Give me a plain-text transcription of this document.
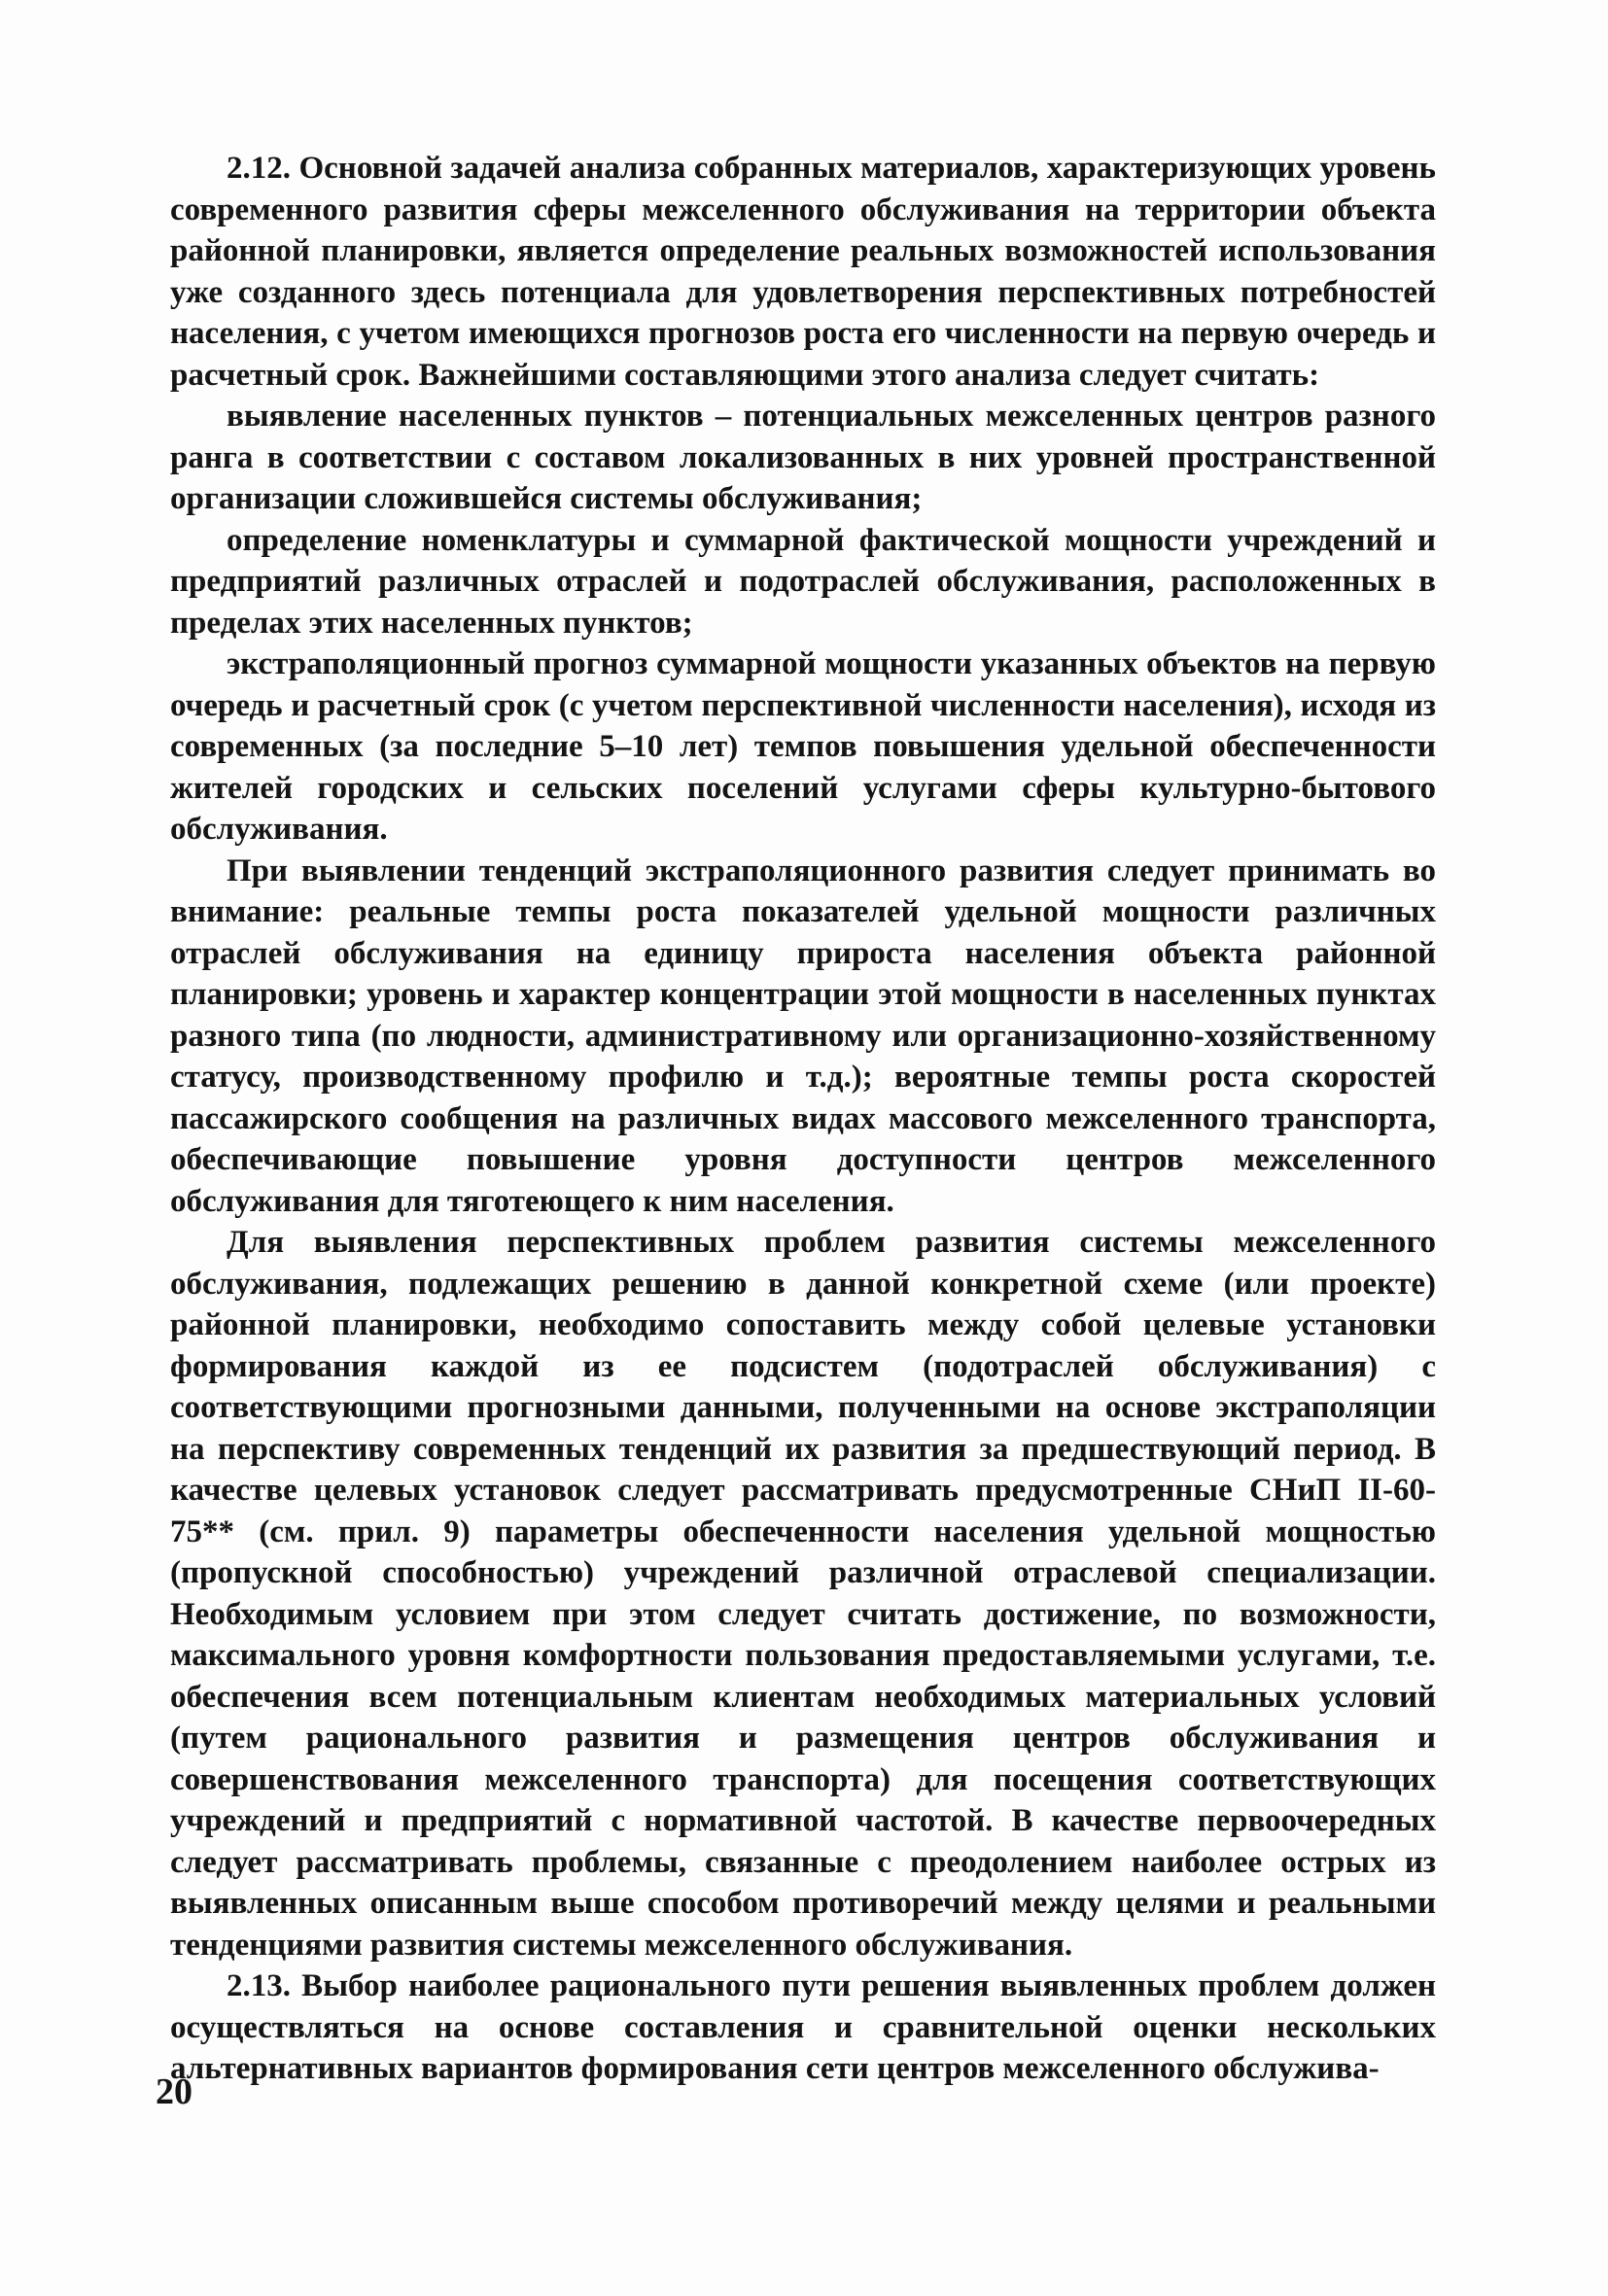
2.12. Основной задачей анализа собранных материалов, характеризующих уровень современного развития сферы межселенного обслуживания на территории объекта районной планировки, является определение реальных возможностей использования уже созданного здесь потенциала для удовлетворения перспективных потребностей населения, с учетом имеющихся прогнозов роста его численности на первую очередь и расчетный срок. Важнейшими составляющими этого анализа следует считать:

выявление населенных пунктов – потенциальных межселенных центров разного ранга в соответствии с составом локализованных в них уровней пространственной организации сложившейся системы обслуживания;

определение номенклатуры и суммарной фактической мощности учреждений и предприятий различных отраслей и подотраслей обслуживания, расположенных в пределах этих населенных пунктов;

экстраполяционный прогноз суммарной мощности указанных объектов на первую очередь и расчетный срок (с учетом перспективной численности населения), исходя из современных (за последние 5–10 лет) темпов повышения удельной обеспеченности жителей городских и сельских поселений услугами сферы культурно-бытового обслуживания.

При выявлении тенденций экстраполяционного развития следует принимать во внимание: реальные темпы роста показателей удельной мощности различных отраслей обслуживания на единицу прироста населения объекта районной планировки; уровень и характер концентрации этой мощности в населенных пунктах разного типа (по людности, административному или организационно-хозяйственному статусу, производственному профилю и т.д.); вероятные темпы роста скоростей пассажирского сообщения на различных видах массового межселенного транспорта, обеспечивающие повышение уровня доступности центров межселенного обслуживания для тяготеющего к ним населения.

Для выявления перспективных проблем развития системы межселенного обслуживания, подлежащих решению в данной конкретной схеме (или проекте) районной планировки, необходимо сопоставить между собой целевые установки формирования каждой из ее подсистем (подотраслей обслуживания) с соответствующими прогнозными данными, полученными на основе экстраполяции на перспективу современных тенденций их развития за предшествующий период. В качестве целевых установок следует рассматривать предусмотренные СНиП II-60-75** (см. прил. 9) параметры обеспеченности населения удельной мощностью (пропускной способностью) учреждений различной отраслевой специализации. Необходимым условием при этом следует считать достижение, по возможности, максимального уровня комфортности пользования предоставляемыми услугами, т.е. обеспечения всем потенциальным клиентам необходимых материальных условий (путем рационального развития и размещения центров обслуживания и совершенствования межселенного транспорта) для посещения соответствующих учреждений и предприятий с нормативной частотой. В качестве первоочередных следует рассматривать проблемы, связанные с преодолением наиболее острых из выявленных описанным выше способом противоречий между целями и реальными тенденциями развития системы межселенного обслуживания.

2.13. Выбор наиболее рационального пути решения выявленных проблем должен осуществляться на основе составления и сравнительной оценки нескольких альтернативных вариантов формирования сети центров межселенного обслужива-

20
